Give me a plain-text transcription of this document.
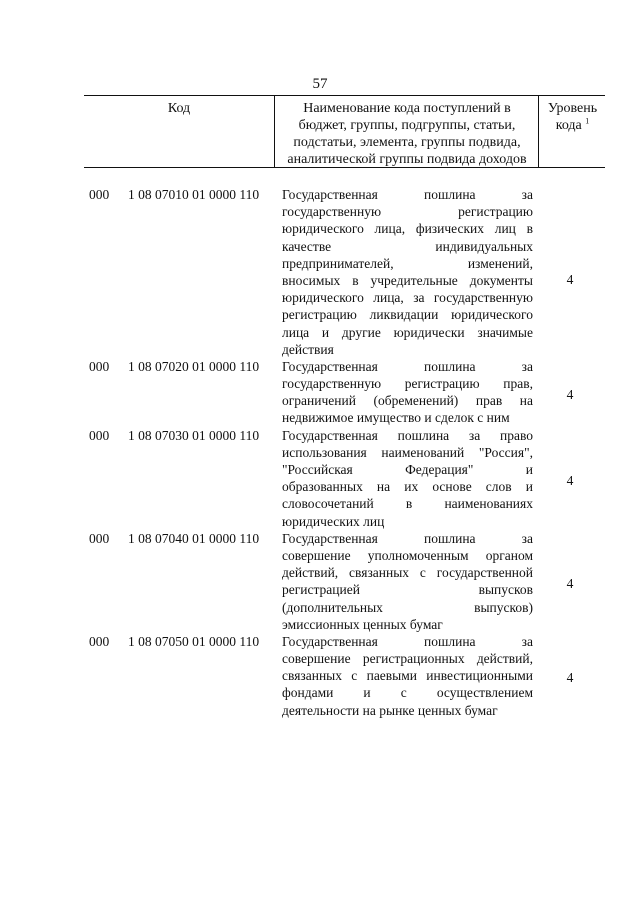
57
Код	Наименование кода поступлений в
бюджет, группы, подгруппы, статьи,
подстатьи, элемента, группы подвида,
аналитической группы подвида доходов
Уровень
кода $^1$
000 1 08 07010 01 0000 110 Государственная пошлина за
государственную регистрацию
юридического лица, физических лиц в
качестве индивидуальных
предпринимателей, изменений,
вносимых в учредительные документы
юридического лица, за государственную
регистрацию ликвидации юридического
лица и другие юридически значимые
действия
4
000 1 08 07020 01 0000 110 Государственная пошлина за
государственную регистрацию прав,
ограничений (обременений) прав на
недвижимое имущество и сделок с ним
4
000 1 08 07030 01 0000 110 Государственная пошлина за право
использования наименований "Россия",
"Российская Федерация" и
образованных на их основе слов и
словосочетаний в наименованиях
юридических лиц
4
000 1 08 07040 01 0000 110 Государственная пошлина за
совершение уполномоченным органом
действий, связанных с государственной
регистрацией выпусков
(дополнительных выпусков)
эмиссионных ценных бумаг
4
000 1 08 07050 01 0000 110 Государственная пошлина за
совершение регистрационных действий,
связанных с паевыми инвестиционными
фондами и с осуществлением
деятельности на рынке ценных бумаг
4
